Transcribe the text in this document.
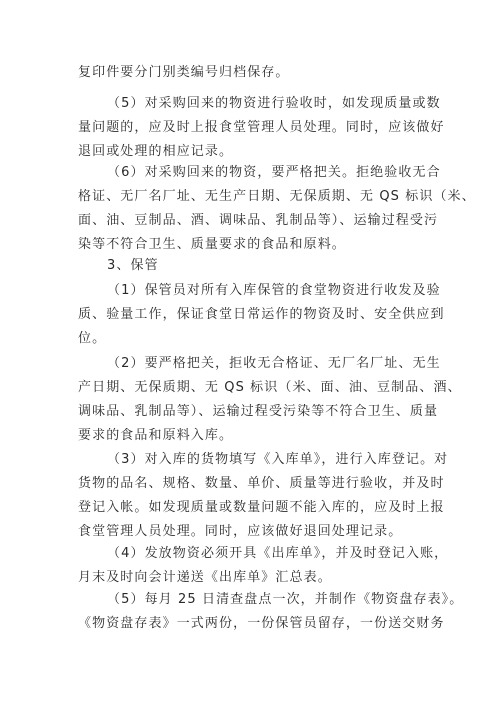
复印件要分门别类编号归档保存。
（5）对采购回来的物资进行验收时，如发现质量或数
量问题的，应及时上报食堂管理人员处理。同时，应该做好
退回或处理的相应记录。
（6）对采购回来的物资，要严格把关。拒绝验收无合
格证、无厂名厂址、无生产日期、无保质期、无 QS 标识（米、
面、油、豆制品、酒、调味品、乳制品等）、运输过程受污
染等不符合卫生、质量要求的食品和原料。
3、保管
（1）保管员对所有入库保管的食堂物资进行收发及验
质、验量工作，保证食堂日常运作的物资及时、安全供应到
位。
（2）要严格把关，拒收无合格证、无厂名厂址、无生
产日期、无保质期、无 QS 标识（米、面、油、豆制品、酒、
调味品、乳制品等）、运输过程受污染等不符合卫生、质量
要求的食品和原料入库。
（3）对入库的货物填写《入库单》，进行入库登记。对
货物的品名、规格、数量、单价、质量等进行验收，并及时
登记入帐。如发现质量或数量问题不能入库的，应及时上报
食堂管理人员处理。同时，应该做好退回处理记录。
（4）发放物资必须开具《出库单》，并及时登记入账，
月末及时向会计递送《出库单》汇总表。
（5）每月 25 日清查盘点一次，并制作《物资盘存表》。
《物资盘存表》一式两份，一份保管员留存，一份送交财务
